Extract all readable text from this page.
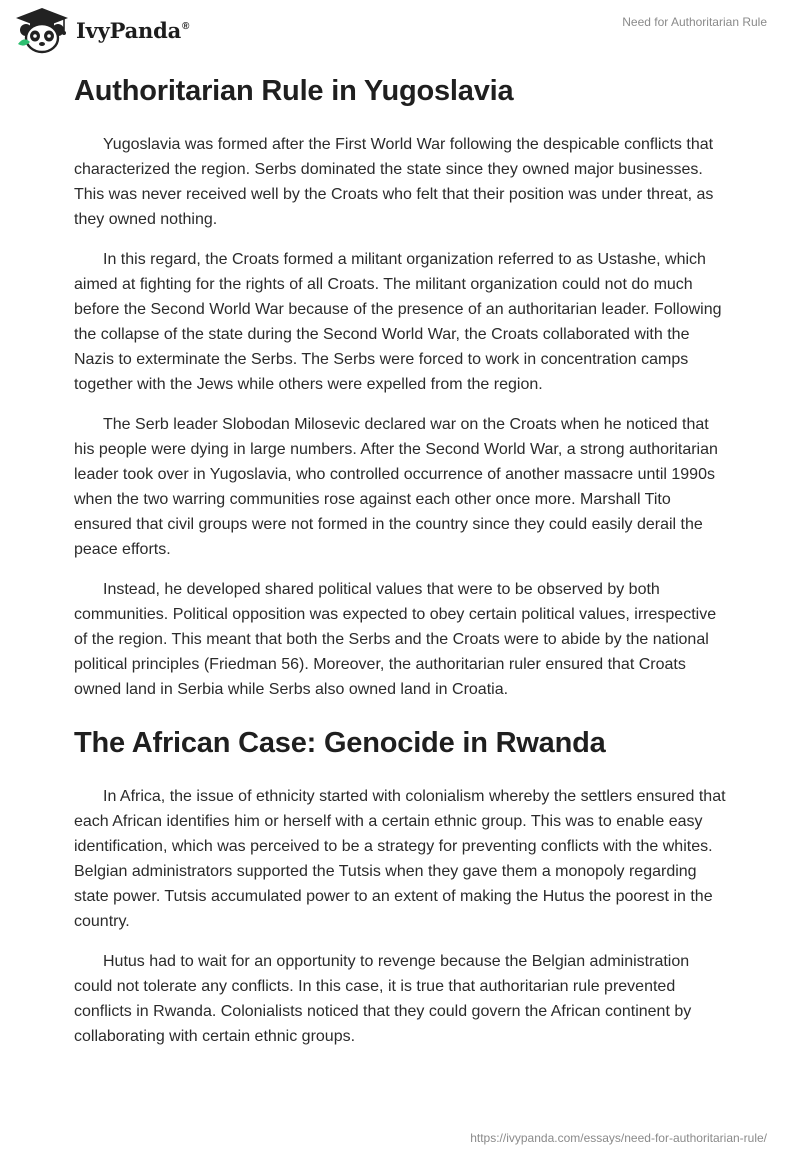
IvyPanda®	Need for Authoritarian Rule
Authoritarian Rule in Yugoslavia

Yugoslavia was formed after the First World War following the despicable conflicts that characterized the region. Serbs dominated the state since they owned major businesses. This was never received well by the Croats who felt that their position was under threat, as they owned nothing.

In this regard, the Croats formed a militant organization referred to as Ustashe, which aimed at fighting for the rights of all Croats. The militant organization could not do much before the Second World War because of the presence of an authoritarian leader. Following the collapse of the state during the Second World War, the Croats collaborated with the Nazis to exterminate the Serbs. The Serbs were forced to work in concentration camps together with the Jews while others were expelled from the region.

The Serb leader Slobodan Milosevic declared war on the Croats when he noticed that his people were dying in large numbers. After the Second World War, a strong authoritarian leader took over in Yugoslavia, who controlled occurrence of another massacre until 1990s when the two warring communities rose against each other once more. Marshall Tito ensured that civil groups were not formed in the country since they could easily derail the peace efforts.

Instead, he developed shared political values that were to be observed by both communities. Political opposition was expected to obey certain political values, irrespective of the region. This meant that both the Serbs and the Croats were to abide by the national political principles (Friedman 56). Moreover, the authoritarian ruler ensured that Croats owned land in Serbia while Serbs also owned land in Croatia.

The African Case: Genocide in Rwanda

In Africa, the issue of ethnicity started with colonialism whereby the settlers ensured that each African identifies him or herself with a certain ethnic group. This was to enable easy identification, which was perceived to be a strategy for preventing conflicts with the whites. Belgian administrators supported the Tutsis when they gave them a monopoly regarding state power. Tutsis accumulated power to an extent of making the Hutus the poorest in the country.

Hutus had to wait for an opportunity to revenge because the Belgian administration could not tolerate any conflicts. In this case, it is true that authoritarian rule prevented conflicts in Rwanda. Colonialists noticed that they could govern the African continent by collaborating with certain ethnic groups.

https://ivypanda.com/essays/need-for-authoritarian-rule/
